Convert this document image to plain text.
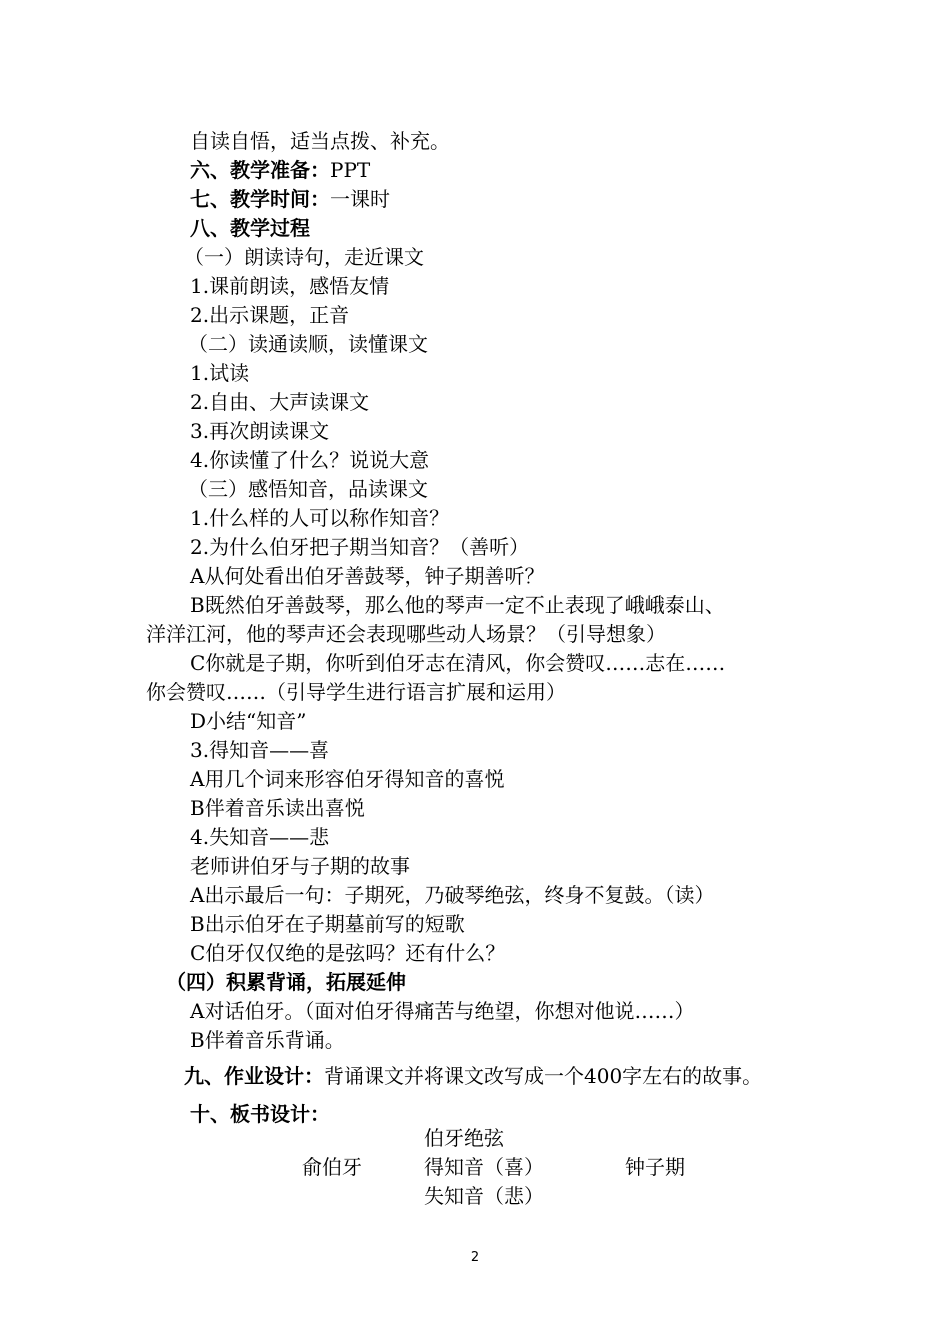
自读自悟，适当点拨、补充。
六、教学准备：PPT
七、教学时间：一课时
八、教学过程
（一）朗读诗句，走近课文
1.课前朗读，感悟友情
2.出示课题，正音
（二）读通读顺，读懂课文
1.试读
2.自由、大声读课文
3.再次朗读课文
4.你读懂了什么？说说大意
（三）感悟知音，品读课文
1.什么样的人可以称作知音？
2.为什么伯牙把子期当知音？（善听）
A从何处看出伯牙善鼓琴，钟子期善听？
B既然伯牙善鼓琴，那么他的琴声一定不止表现了峨峨泰山、
洋洋江河，他的琴声还会表现哪些动人场景？（引导想象）
C你就是子期，你听到伯牙志在清风，你会赞叹……志在……
你会赞叹……（引导学生进行语言扩展和运用）
D小结“知音”
3.得知音——喜
A用几个词来形容伯牙得知音的喜悦
B伴着音乐读出喜悦
4.失知音——悲
老师讲伯牙与子期的故事
A出示最后一句：子期死，乃破琴绝弦，终身不复鼓。（读）
B出示伯牙在子期墓前写的短歌
C伯牙仅仅绝的是弦吗？还有什么？
（四）积累背诵，拓展延伸
A对话伯牙。（面对伯牙得痛苦与绝望，你想对他说……）
B伴着音乐背诵。
九、作业设计：背诵课文并将课文改写成一个400字左右的故事。
十、板书设计：
伯牙绝弦
俞伯牙	得知音（喜）	钟子期
失知音（悲）
2
